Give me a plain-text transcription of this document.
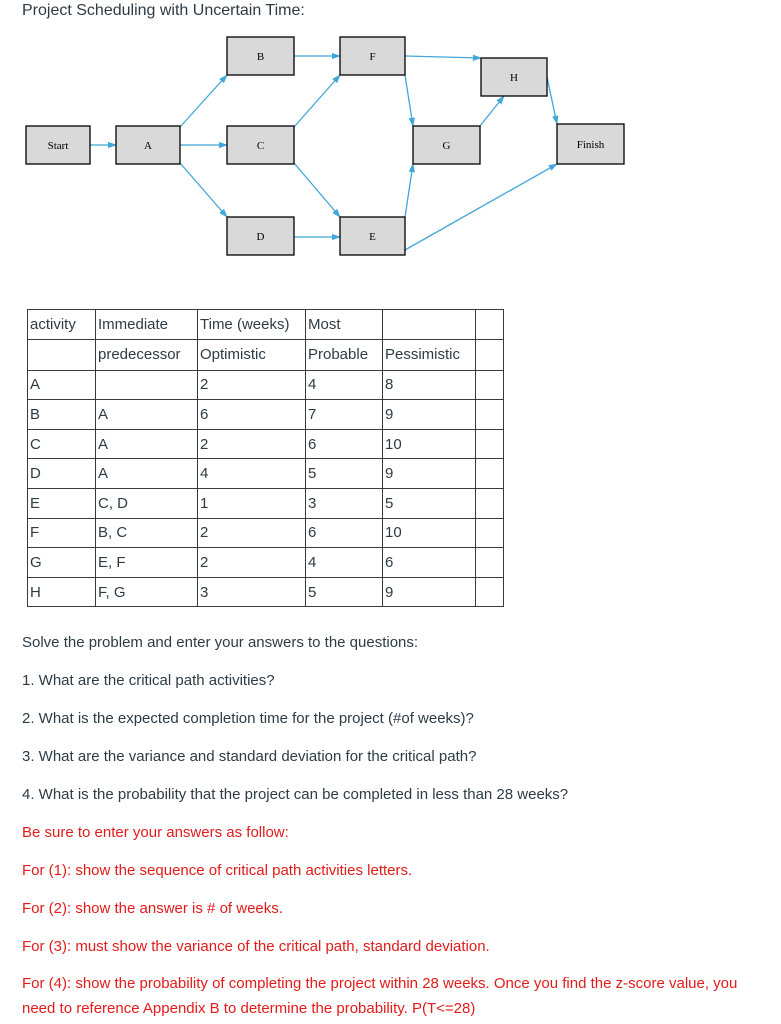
Project Scheduling with Uncertain Time:
Start	A
B
C
D
F
E
G
H
Finish
activity	Immediate	Time (weeks)	Most		
	predecessor	Optimistic	Probable	Pessimistic	
A		2	4	8	
B	A	6	7	9	
C	A	2	6	10	
D	A	4	5	9	
E	C, D	1	3	5	
F	B, C	2	6	10	
G	E, F	2	4	6	
H	F, G	3	5	9	
Solve the problem and enter your answers to the questions:
1. What are the critical path activities?
2. What is the expected completion time for the project (#of weeks)?
3. What are the variance and standard deviation for the critical path?
4. What is the probability that the project can be completed in less than 28 weeks?
Be sure to enter your answers as follow:
For (1): show the sequence of critical path activities letters.
For (2): show the answer is # of weeks.
For (3): must show the variance of the critical path, standard deviation.
For (4): show the probability of completing the project within 28 weeks. Once you find the z-score value, you need to reference Appendix B to determine the probability. P(T<=28)
